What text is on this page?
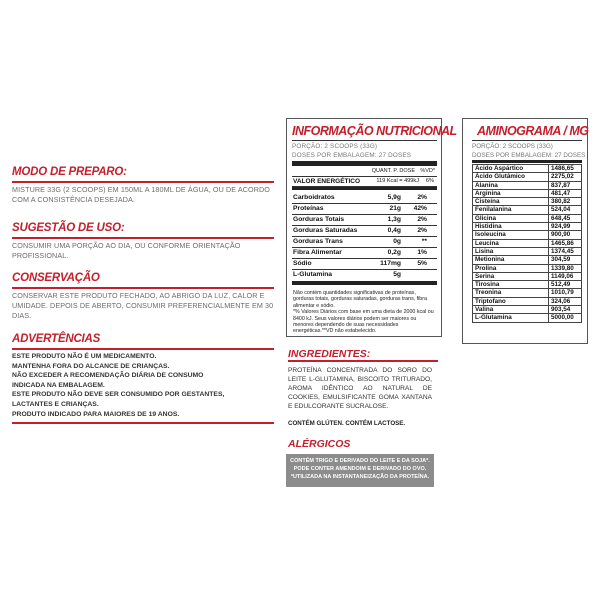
MODO DE PREPARO:
MISTURE 33G (2 SCOOPS) EM 150ML A 180ML DE ÁGUA, OU DE ACORDO COM A CONSISTÊNCIA DESEJADA.
SUGESTÃO DE USO:
CONSUMIR UMA PORÇÃO AO DIA, OU CONFORME ORIENTAÇÃO PROFISSIONAL.
CONSERVAÇÃO
CONSERVAR ESTE PRODUTO FECHADO, AO ABRIGO DA LUZ, CALOR E UMIDADE. DEPOIS DE ABERTO, CONSUMIR PREFERENCIALMENTE EM 30 DIAS.
ADVERTÊNCIAS
ESTE PRODUTO NÃO É UM MEDICAMENTO.
MANTENHA FORA DO ALCANCE DE CRIANÇAS.
NÃO EXCEDER A RECOMENDAÇÃO DIÁRIA DE CONSUMO
INDICADA NA EMBALAGEM.
ESTE PRODUTO NÃO DEVE SER CONSUMIDO POR GESTANTES,
LACTANTES E CRIANÇAS.
PRODUTO INDICADO PARA MAIORES DE 19 ANOS.
INFORMAÇÃO NUTRICIONAL
PORÇÃO: 2 SCOOPS (33G)
DOSES POR EMBALAGEM: 27 DOSES
QUANT. P. DOSE %VD*
VALOR ENERGÉTICO	119 Kcal = 499kJ 6%
Carboidratos	5,9g 2%
Proteínas	21g 42%
Gorduras Totais	1,3g 2%
Gorduras Saturadas	0,4g 2%
Gorduras Trans	0g	**
Fibra Alimentar	0,2g 1%
Sódio	117mg 5%
L-Glutamina	5g
Não contém quantidades significativas de proteínas, gorduras totais, gorduras saturadas, gorduras trans, fibra alimentar e sódio.
*% Valores Diários com base em uma dieta de 2000 kcal ou 8400 kJ. Seus valores diários podem ser maiores ou menores dependendo de suas necessidades energéticas.**VD não estabelecido.
AMINOGRAMA / MG
PORÇÃO: 2 SCOOPS (33G)
DOSES POR EMBALAGEM: 27 DOSES
Ácido Aspártico	1486,65
Ácido Glutâmico	2275,02
Alanina	837,87
Arginina	481,47
Cisteína	380,82
Fenilalanina	524,04
Glicina	648,45
Histidina	924,99
Isoleucina	900,90
Leucina	1465,86
Lisina	1374,45
Metionina	304,59
Prolina	1339,80
Serina	1149,06
Tirosina	512,49
Treonina	1010,79
Triptofano	324,06
Valina	903,54
L-Glutamina	5000,00
INGREDIENTES:
PROTEÍNA CONCENTRADA DO SORO DO LEITE L-GLUTAMINA, BISCOITO TRITURADO, AROMA IDÊNTICO AO NATURAL DE COOKIES, EMULSIFICANTE GOMA XANTANA E EDULCORANTE SUCRALOSE.
CONTÉM GLÚTEN. CONTÉM LACTOSE.
ALÉRGICOS
CONTÉM TRIGO E DERIVADO DO LEITE E DA SOJA*.
PODE CONTER AMENDOIM E DERIVADO DO OVO.
*UTILIZADA NA INSTANTANEIZAÇÃO DA PROTEÍNA.
